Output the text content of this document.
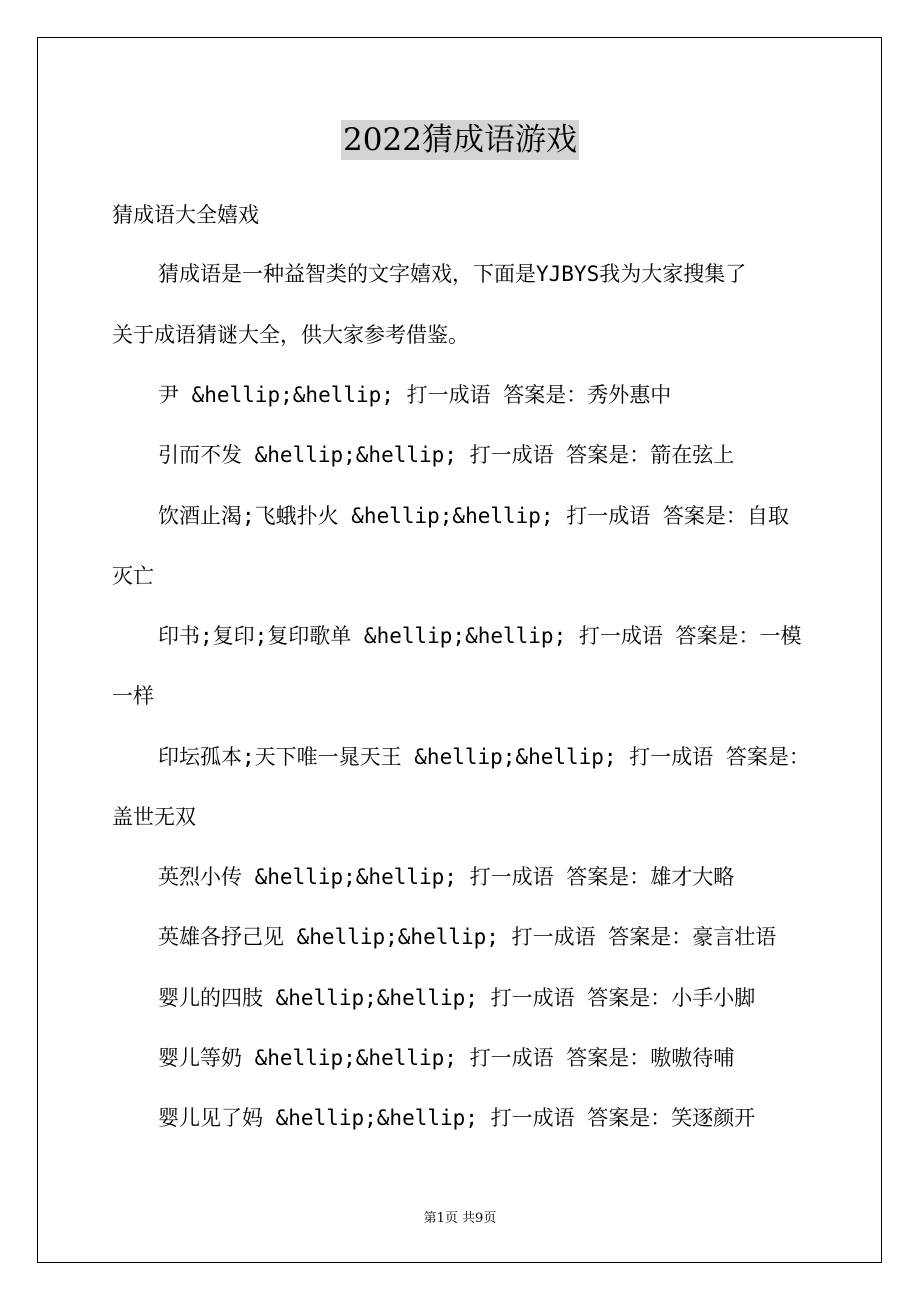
2022猜成语游戏
猜成语大全嬉戏
猜成语是一种益智类的文字嬉戏，下面是YJBYS我为大家搜集了
关于成语猜谜大全，供大家参考借鉴。
尹 &hellip;&hellip; 打一成语 答案是：秀外惠中
引而不发 &hellip;&hellip; 打一成语 答案是：箭在弦上
饮酒止渴;飞蛾扑火 &hellip;&hellip; 打一成语 答案是：自取
灭亡
印书;复印;复印歌单 &hellip;&hellip; 打一成语 答案是：一模
一样
印坛孤本;天下唯一晁天王 &hellip;&hellip; 打一成语 答案是：
盖世无双
英烈小传 &hellip;&hellip; 打一成语 答案是：雄才大略
英雄各抒己见 &hellip;&hellip; 打一成语 答案是：豪言壮语
婴儿的四肢 &hellip;&hellip; 打一成语 答案是：小手小脚
婴儿等奶 &hellip;&hellip; 打一成语 答案是：嗷嗷待哺
婴儿见了妈 &hellip;&hellip; 打一成语 答案是：笑逐颜开
第1页 共9页
